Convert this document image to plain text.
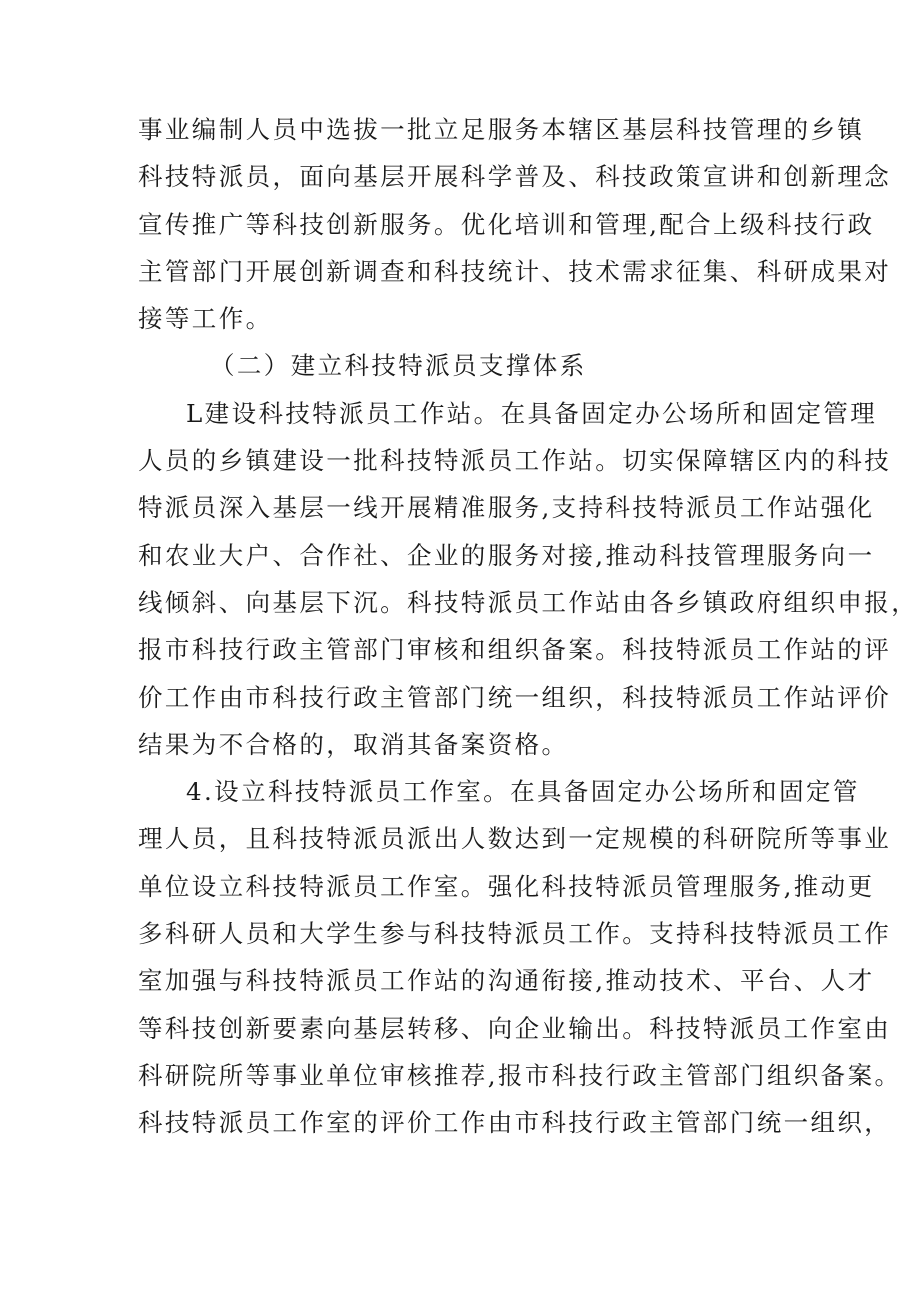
事业编制人员中选拔一批立足服务本辖区基层科技管理的乡镇
科技特派员，面向基层开展科学普及、科技政策宣讲和创新理念
宣传推广等科技创新服务。优化培训和管理,配合上级科技行政
主管部门开展创新调查和科技统计、技术需求征集、科研成果对
接等工作。
（二）建立科技特派员支撑体系
L建设科技特派员工作站。在具备固定办公场所和固定管理
人员的乡镇建设一批科技特派员工作站。切实保障辖区内的科技
特派员深入基层一线开展精准服务,支持科技特派员工作站强化
和农业大户、合作社、企业的服务对接,推动科技管理服务向一
线倾斜、向基层下沉。科技特派员工作站由各乡镇政府组织申报，
报市科技行政主管部门审核和组织备案。科技特派员工作站的评
价工作由市科技行政主管部门统一组织，科技特派员工作站评价
结果为不合格的，取消其备案资格。
4.设立科技特派员工作室。在具备固定办公场所和固定管
理人员，且科技特派员派出人数达到一定规模的科研院所等事业
单位设立科技特派员工作室。强化科技特派员管理服务,推动更
多科研人员和大学生参与科技特派员工作。支持科技特派员工作
室加强与科技特派员工作站的沟通衔接,推动技术、平台、人才
等科技创新要素向基层转移、向企业输出。科技特派员工作室由
科研院所等事业单位审核推荐,报市科技行政主管部门组织备案。
科技特派员工作室的评价工作由市科技行政主管部门统一组织，
